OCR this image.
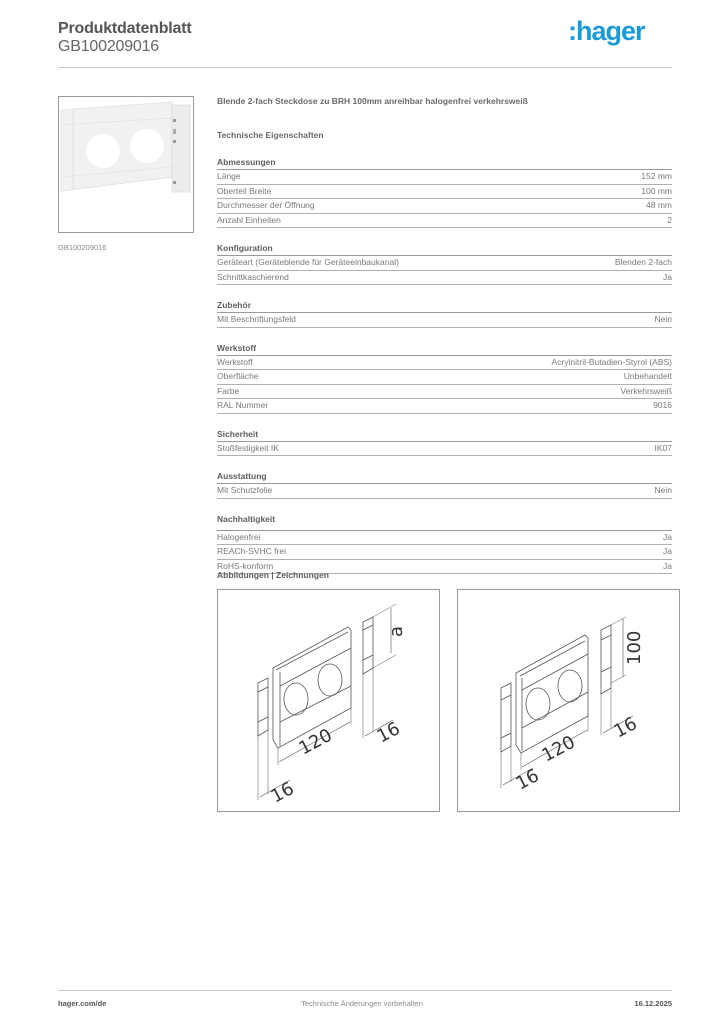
Produktdatenblatt
GB100209016
:hager
GB100209016
Blende 2-fach Steckdose zu BRH 100mm anreihbar halogenfrei verkehrsweiß
Technische Eigenschaften
Abmessungen
Länge	152 mm
Oberteil Breite	100 mm
Durchmesser der Öffnung	48 mm
Anzahl Einheiten	2
Konfiguration
Geräteart (Geräteblende für Geräteeinbaukanal)	Blenden 2-fach
Schnittkaschierend	Ja
Zubehör
Mit Beschriftungsfeld	Nein
Werkstoff
Werkstoff	Acrylnitril-Butadien-Styrol (ABS)
Oberfläche	Unbehandelt
Farbe	Verkehrsweiß
RAL Nummer	9016
Sicherheit
Stoßfestigkeit IK	IK07
Ausstattung
Mit Schutzfolie	Nein
Nachhaltigkeit
Halogenfrei	Ja
REACh-SVHC frei	Ja
RoHS-konform	Ja
Abbildungen | Zeichnungen
a
120 16
16
100
120
16
16
hager.com/de	Technische Änderungen vorbehalten	16.12.2025
